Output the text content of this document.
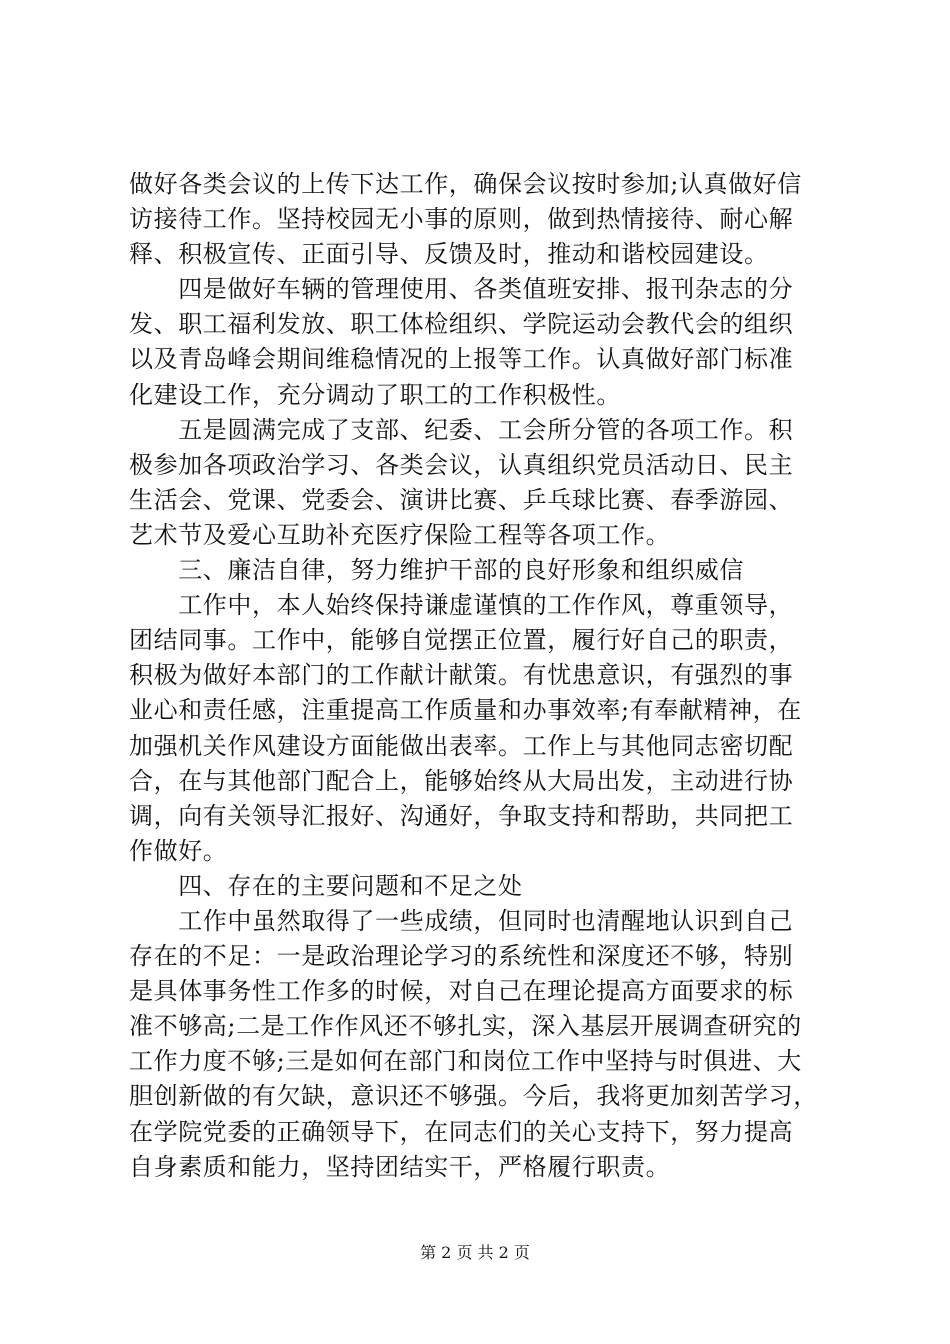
做好各类会议的上传下达工作，确保会议按时参加;认真做好信
访接待工作。坚持校园无小事的原则，做到热情接待、耐心解
释、积极宣传、正面引导、反馈及时，推动和谐校园建设。
　　四是做好车辆的管理使用、各类值班安排、报刊杂志的分
发、职工福利发放、职工体检组织、学院运动会教代会的组织
以及青岛峰会期间维稳情况的上报等工作。认真做好部门标准
化建设工作，充分调动了职工的工作积极性。
　　五是圆满完成了支部、纪委、工会所分管的各项工作。积
极参加各项政治学习、各类会议，认真组织党员活动日、民主
生活会、党课、党委会、演讲比赛、乒乓球比赛、春季游园、
艺术节及爱心互助补充医疗保险工程等各项工作。
　　三、廉洁自律，努力维护干部的良好形象和组织威信
　　工作中，本人始终保持谦虚谨慎的工作作风，尊重领导，
团结同事。工作中，能够自觉摆正位置，履行好自己的职责，
积极为做好本部门的工作献计献策。有忧患意识，有强烈的事
业心和责任感，注重提高工作质量和办事效率;有奉献精神，在
加强机关作风建设方面能做出表率。工作上与其他同志密切配
合，在与其他部门配合上，能够始终从大局出发，主动进行协
调，向有关领导汇报好、沟通好，争取支持和帮助，共同把工
作做好。
　　四、存在的主要问题和不足之处
　　工作中虽然取得了一些成绩，但同时也清醒地认识到自己
存在的不足：一是政治理论学习的系统性和深度还不够，特别
是具体事务性工作多的时候，对自己在理论提高方面要求的标
准不够高;二是工作作风还不够扎实，深入基层开展调查研究的
工作力度不够;三是如何在部门和岗位工作中坚持与时俱进、大
胆创新做的有欠缺，意识还不够强。今后，我将更加刻苦学习，
在学院党委的正确领导下，在同志们的关心支持下，努力提高
自身素质和能力，坚持团结实干，严格履行职责。
第 2 页 共 2 页
